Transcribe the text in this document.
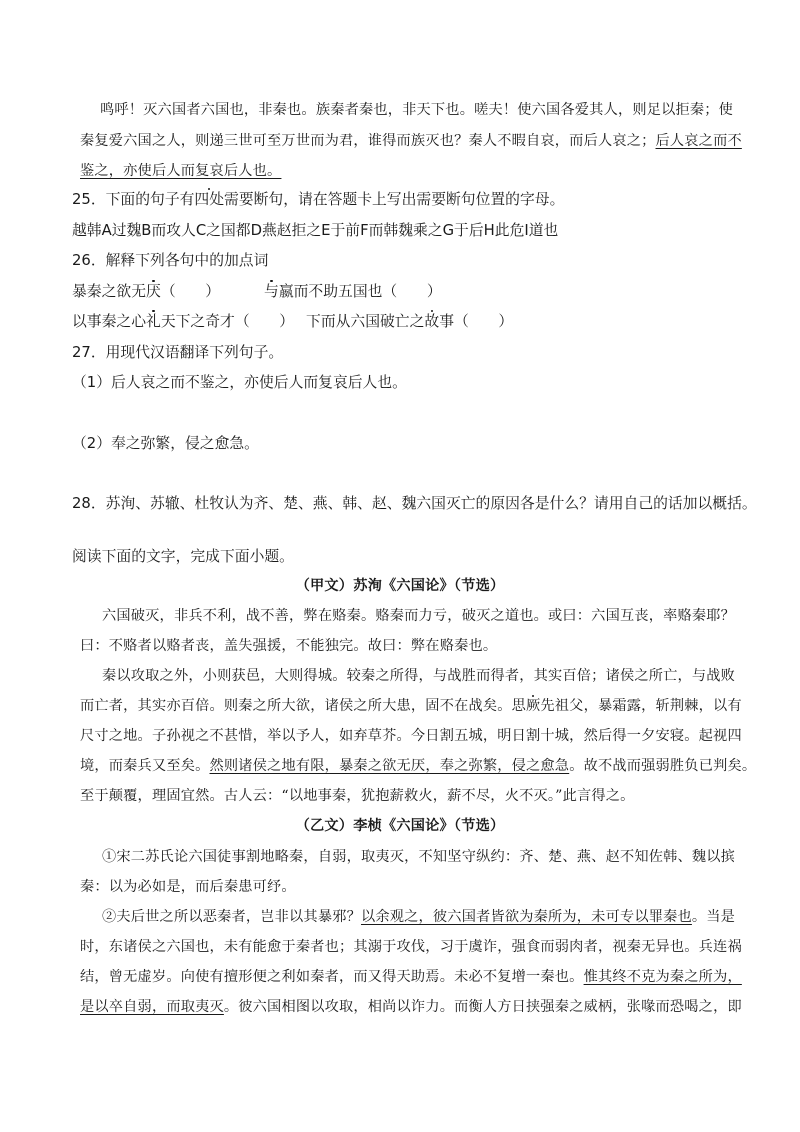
鸣呼！灭六国者六国也，非秦也。族秦者秦也，非天下也。嗟夫！使六国各爱其人，则足以拒秦；使
秦复爱六国之人，则递三世可至万世而为君，谁得而族灭也？秦人不暇自哀，而后人哀之；后人哀之而不
鉴之，亦使后人而复哀后人也。
25．下面的句子有四处需要断句，请在答题卡上写出需要断句位置的字母。
越韩A过魏B而攻人C之国都D燕赵拒之E于前F而韩魏乘之G于后H此危I道也
26．解释下列各句中的加点词
暴秦之欲无厌（　　）	与嬴而不助五国也（　　）
以事秦之心礼天下之奇才（　　） 下而从六国破亡之故事（　　）
27．用现代汉语翻译下列句子。
（1）后人哀之而不鉴之，亦使后人而复哀后人也。
（2）奉之弥繁，侵之愈急。
28．苏洵、苏辙、杜牧认为齐、楚、燕、韩、赵、魏六国灭亡的原因各是什么？请用自己的话加以概括。
阅读下面的文字，完成下面小题。
（甲文）苏洵《六国论》（节选）
六国破灭，非兵不利，战不善，弊在赂秦。赂秦而力亏，破灭之道也。或曰：六国互丧，率赂秦耶？
曰：不赂者以赂者丧，盖失强援，不能独完。故曰：弊在赂秦也。
秦以攻取之外，小则获邑，大则得城。较秦之所得，与战胜而得者，其实百倍；诸侯之所亡，与战败
而亡者，其实亦百倍。则秦之所大欲，诸侯之所大患，固不在战矣。思厥先祖父，暴霜露，斩荆棘，以有
尺寸之地。子孙视之不甚惜，举以予人，如弃草芥。今日割五城，明日割十城，然后得一夕安寝。起视四
境，而秦兵又至矣。然则诸侯之地有限，暴秦之欲无厌，奉之弥繁，侵之愈急。故不战而强弱胜负已判矣。
至于颠覆，理固宜然。古人云：“以地事秦，犹抱薪救火，薪不尽，火不灭。”此言得之。
（乙文）李桢《六国论》（节选）
①宋二苏氏论六国徒事割地略秦，自弱，取夷灭，不知坚守纵约：齐、楚、燕、赵不知佐韩、魏以摈
秦：以为必如是，而后秦患可纾。
②夫后世之所以恶秦者，岂非以其暴邪？以余观之，彼六国者皆欲为秦所为，未可专以罪秦也。当是
时，东诸侯之六国也，未有能愈于秦者也；其溺于攻伐，习于虞诈，强食而弱肉者，视秦无异也。兵连祸
结，曾无虚岁。向使有擅形便之利如秦者，而又得天助焉。未必不复增一秦也。惟其终不克为秦之所为，
是以卒自弱，而取夷灭。彼六国相图以攻取，相尚以诈力。而衡人方日挟强秦之威柄，张喙而恐喝之，即
